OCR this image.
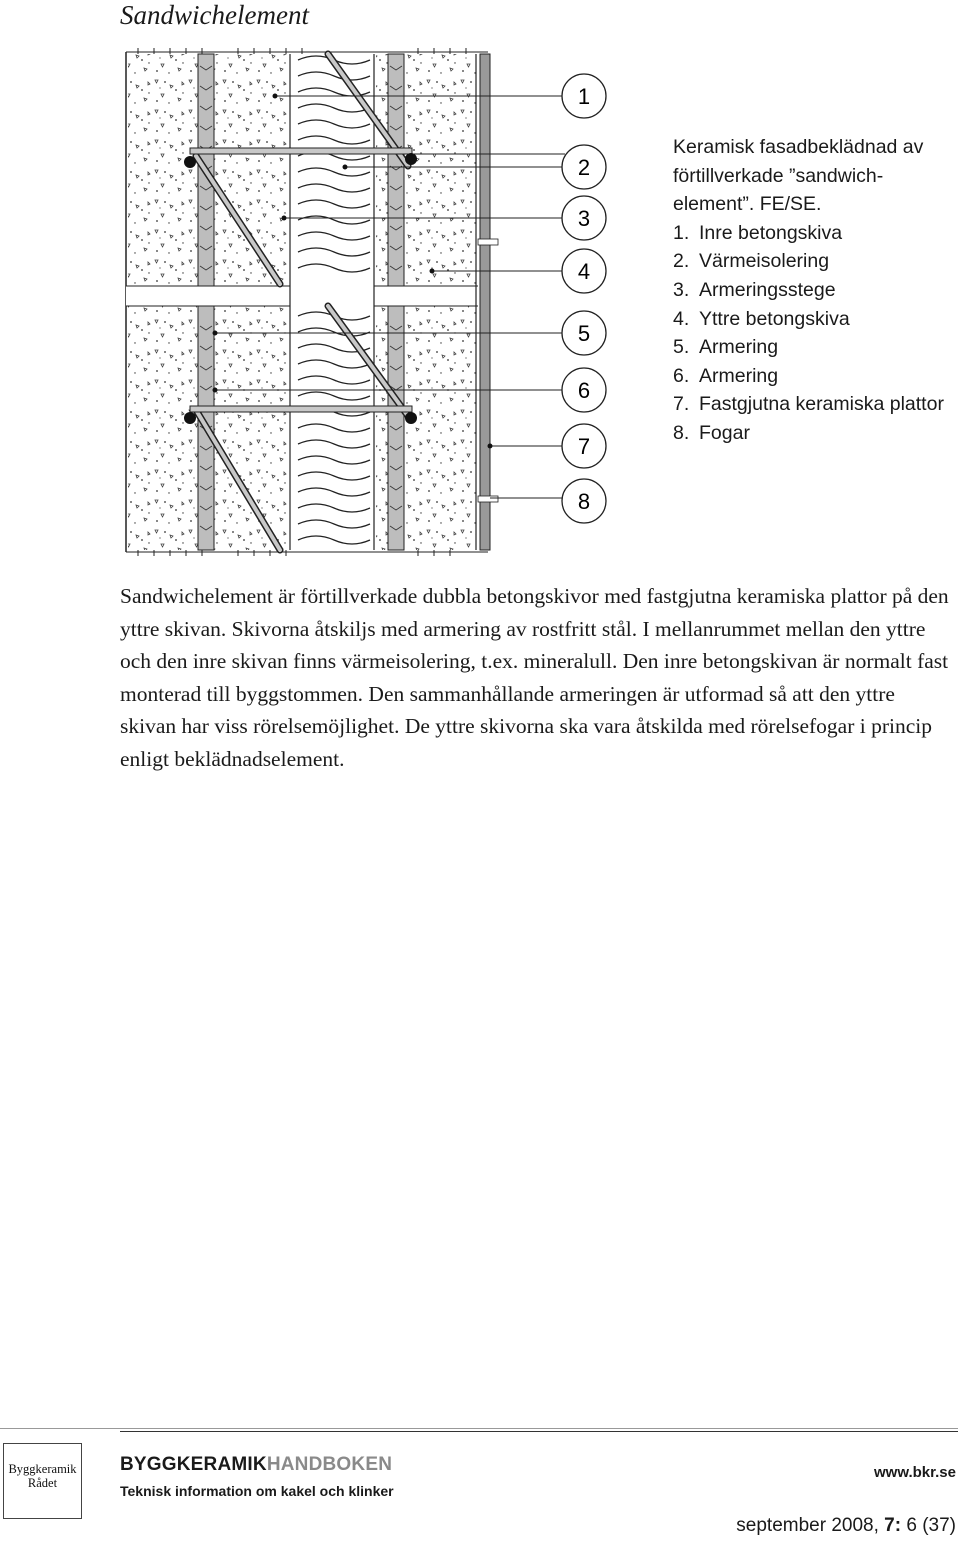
Sandwichelement
1
2
3
4
5
6
7
8
Keramisk fasadbeklädnad av
förtillverkade ”sandwich-
element”. FE/SE.
1. Inre betongskiva
2. Värmeisolering
3. Armeringsstege
4. Yttre betongskiva
5. Armering
6. Armering
7. Fastgjutna keramiska plattor
8. Fogar

Sandwichelement är förtillverkade dubbla betongskivor med fastgjutna keramiska plattor på den yttre skivan. Skivorna åtskiljs med armering av rostfritt stål. I mellanrummet mellan den yttre och den inre skivan finns värmeisolering, t.ex. mineralull. Den inre betongskivan är normalt fast monterad till byggstommen. Den sammanhållande armeringen är utformad så att den yttre skivan har viss rörelsemöjlighet. De yttre skivorna ska vara åtskilda med rörelsefogar i princip enligt beklädnadselement.

Byggkeramik
Rådet
BYGGKERAMIKHANDBOKEN
Teknisk information om kakel och klinker
www.bkr.se
september 2008, 7: 6 (37)
